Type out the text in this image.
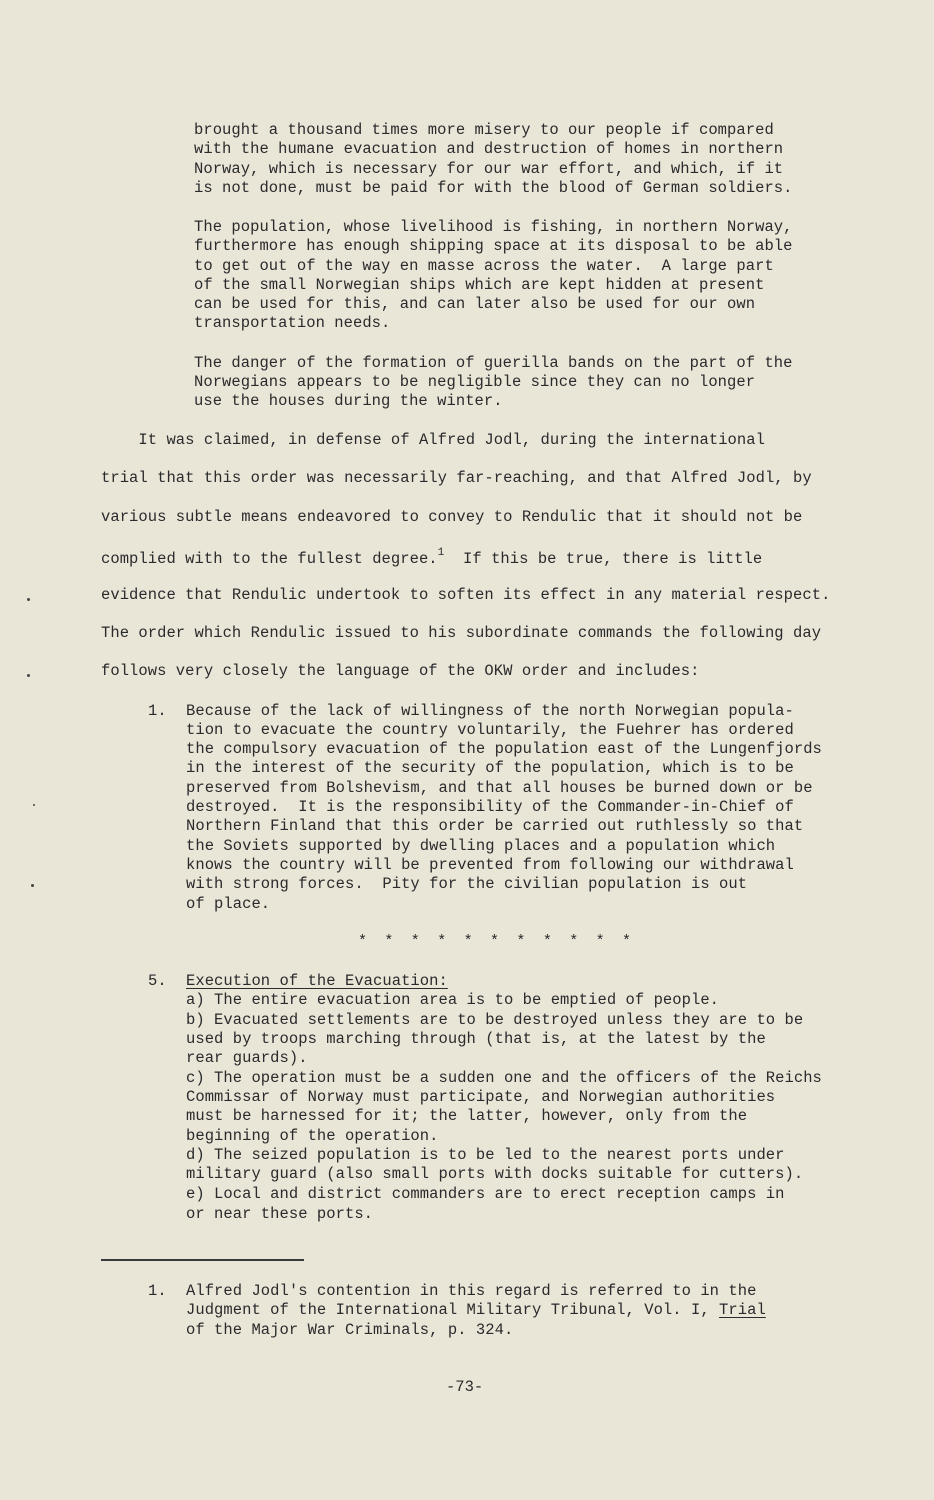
brought a thousand times more misery to our people if compared
with the humane evacuation and destruction of homes in northern
Norway, which is necessary for our war effort, and which, if it
is not done, must be paid for with the blood of German soldiers.
The population, whose livelihood is fishing, in northern Norway,
furthermore has enough shipping space at its disposal to be able
to get out of the way en masse across the water.  A large part
of the small Norwegian ships which are kept hidden at present
can be used for this, and can later also be used for our own
transportation needs.
The danger of the formation of guerilla bands on the part of the
Norwegians appears to be negligible since they can no longer
use the houses during the winter.
It was claimed, in defense of Alfred Jodl, during the international
trial that this order was necessarily far-reaching, and that Alfred Jodl, by
various subtle means endeavored to convey to Rendulic that it should not be
complied with to the fullest degree.$^1$  If this be true, there is little
evidence that Rendulic undertook to soften its effect in any material respect.
The order which Rendulic issued to his subordinate commands the following day
follows very closely the language of the OKW order and includes:
1. Because of the lack of willingness of the north Norwegian popula-
tion to evacuate the country voluntarily, the Fuehrer has ordered
the compulsory evacuation of the population east of the Lungenfjords
in the interest of the security of the population, which is to be
preserved from Bolshevism, and that all houses be burned down or be
destroyed.  It is the responsibility of the Commander-in-Chief of
Northern Finland that this order be carried out ruthlessly so that
the Soviets supported by dwelling places and a population which
knows the country will be prevented from following our withdrawal
with strong forces.  Pity for the civilian population is out
of place.
* * * * * * * * * * *
5. Execution of the Evacuation:
a) The entire evacuation area is to be emptied of people.
b) Evacuated settlements are to be destroyed unless they are to be
used by troops marching through (that is, at the latest by the
rear guards).
c) The operation must be a sudden one and the officers of the Reichs
Commissar of Norway must participate, and Norwegian authorities
must be harnessed for it; the latter, however, only from the
beginning of the operation.
d) The seized population is to be led to the nearest ports under
military guard (also small ports with docks suitable for cutters).
e) Local and district commanders are to erect reception camps in
or near these ports.
1. Alfred Jodl's contention in this regard is referred to in the
Judgment of the International Military Tribunal, Vol. I, Trial
of the Major War Criminals, p. 324.
-73-
